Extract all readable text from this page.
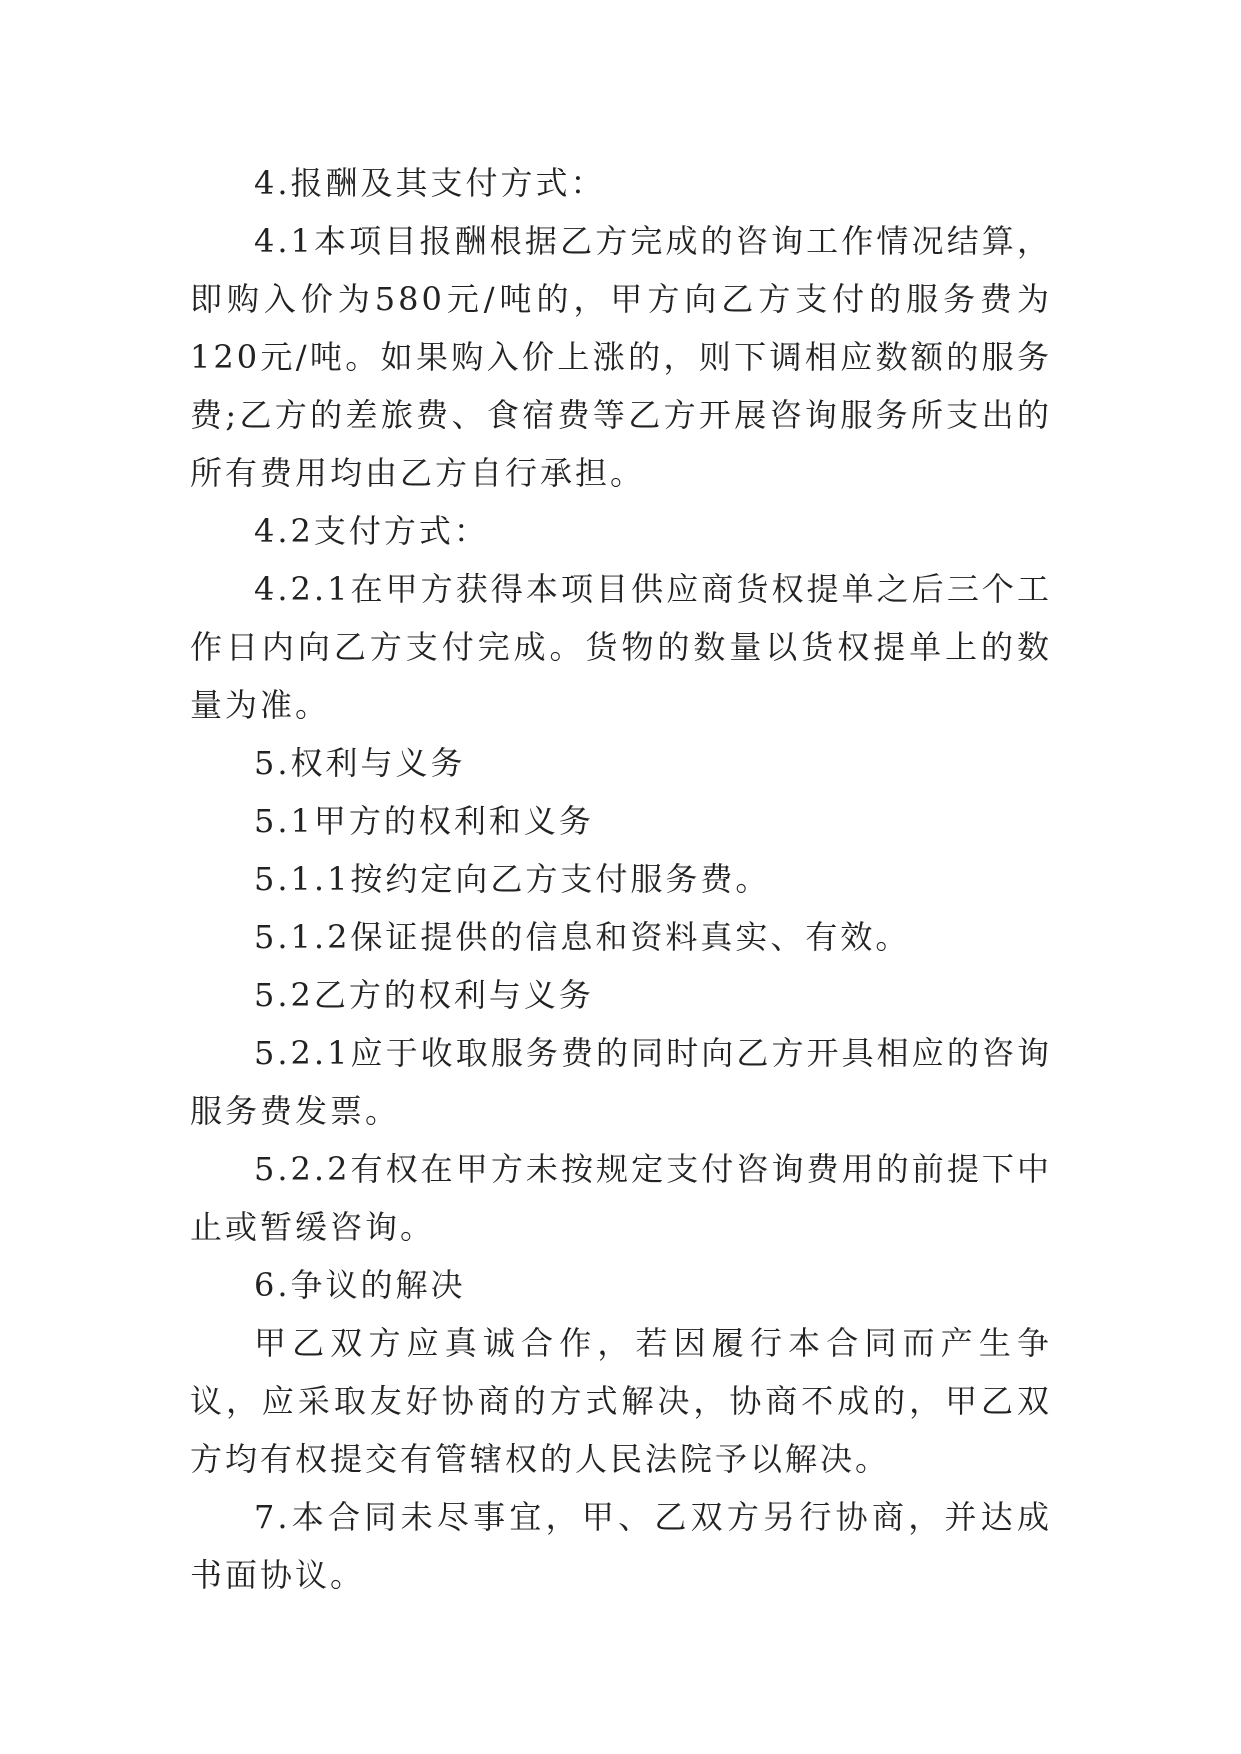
4.报酬及其支付方式：

4.1本项目报酬根据乙方完成的咨询工作情况结算，即购入价为580元/吨的，甲方向乙方支付的服务费为120元/吨。如果购入价上涨的，则下调相应数额的服务费;乙方的差旅费、食宿费等乙方开展咨询服务所支出的所有费用均由乙方自行承担。

4.2支付方式：

4.2.1在甲方获得本项目供应商货权提单之后三个工作日内向乙方支付完成。货物的数量以货权提单上的数量为准。

5.权利与义务

5.1甲方的权利和义务

5.1.1按约定向乙方支付服务费。

5.1.2保证提供的信息和资料真实、有效。

5.2乙方的权利与义务

5.2.1应于收取服务费的同时向乙方开具相应的咨询服务费发票。

5.2.2有权在甲方未按规定支付咨询费用的前提下中止或暂缓咨询。

6.争议的解决

甲乙双方应真诚合作，若因履行本合同而产生争议，应采取友好协商的方式解决，协商不成的，甲乙双方均有权提交有管辖权的人民法院予以解决。

7.本合同未尽事宜，甲、乙双方另行协商，并达成书面协议。
